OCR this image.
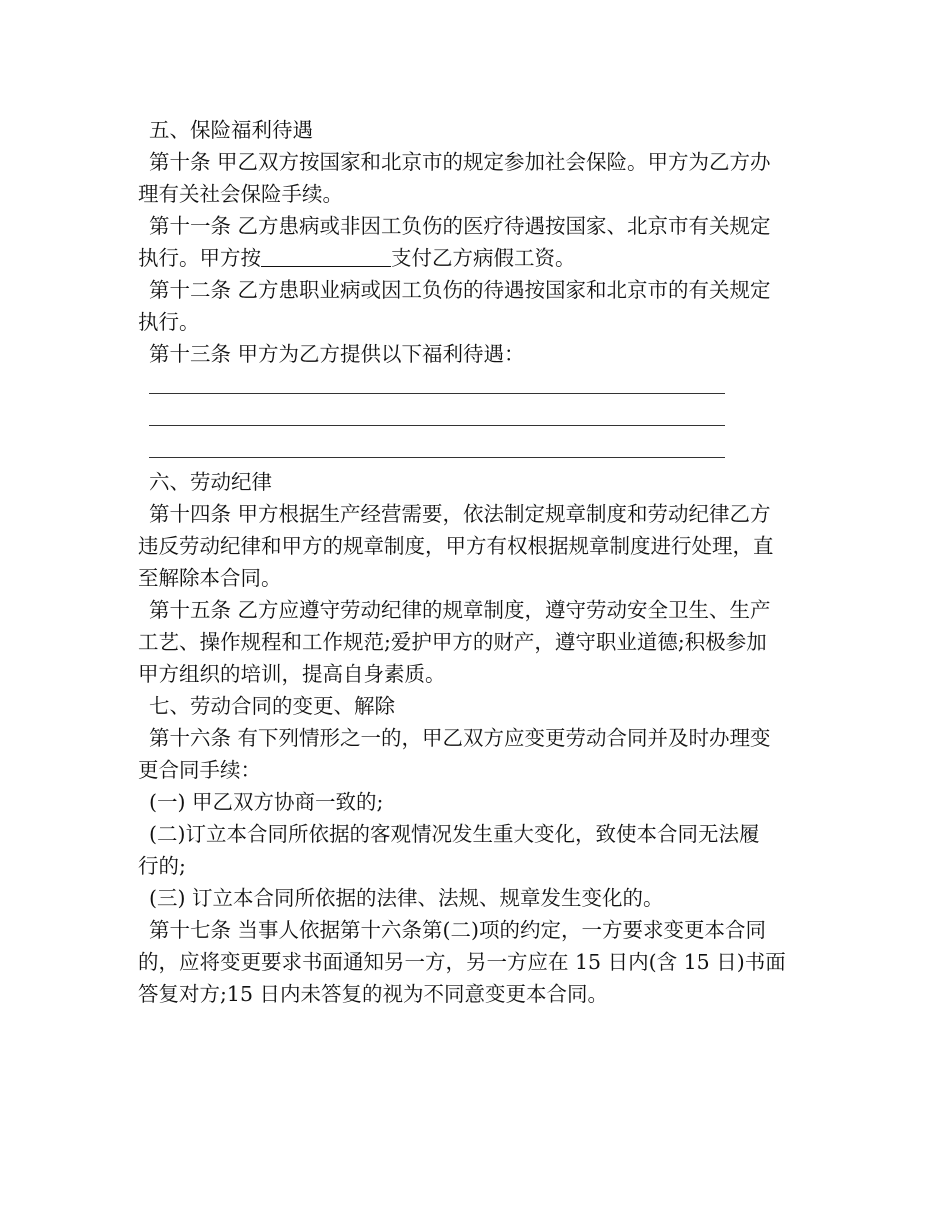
五、保险福利待遇
第十条 甲乙双方按国家和北京市的规定参加社会保险。甲方为乙方办
理有关社会保险手续。
第十一条 乙方患病或非因工负伤的医疗待遇按国家、北京市有关规定
执行。甲方按	支付乙方病假工资。
第十二条 乙方患职业病或因工负伤的待遇按国家和北京市的有关规定
执行。
第十三条 甲方为乙方提供以下福利待遇：
六、劳动纪律
第十四条 甲方根据生产经营需要，依法制定规章制度和劳动纪律乙方
违反劳动纪律和甲方的规章制度，甲方有权根据规章制度进行处理，直
至解除本合同。
第十五条 乙方应遵守劳动纪律的规章制度，遵守劳动安全卫生、生产
工艺、操作规程和工作规范;爱护甲方的财产，遵守职业道德;积极参加
甲方组织的培训，提高自身素质。
七、劳动合同的变更、解除
第十六条 有下列情形之一的，甲乙双方应变更劳动合同并及时办理变
更合同手续：
(一) 甲乙双方协商一致的;
(二)订立本合同所依据的客观情况发生重大变化，致使本合同无法履
行的;
(三) 订立本合同所依据的法律、法规、规章发生变化的。
第十七条 当事人依据第十六条第(二)项的约定，一方要求变更本合同
的，应将变更要求书面通知另一方，另一方应在 15 日内(含 15 日)书面
答复对方;15 日内未答复的视为不同意变更本合同。
